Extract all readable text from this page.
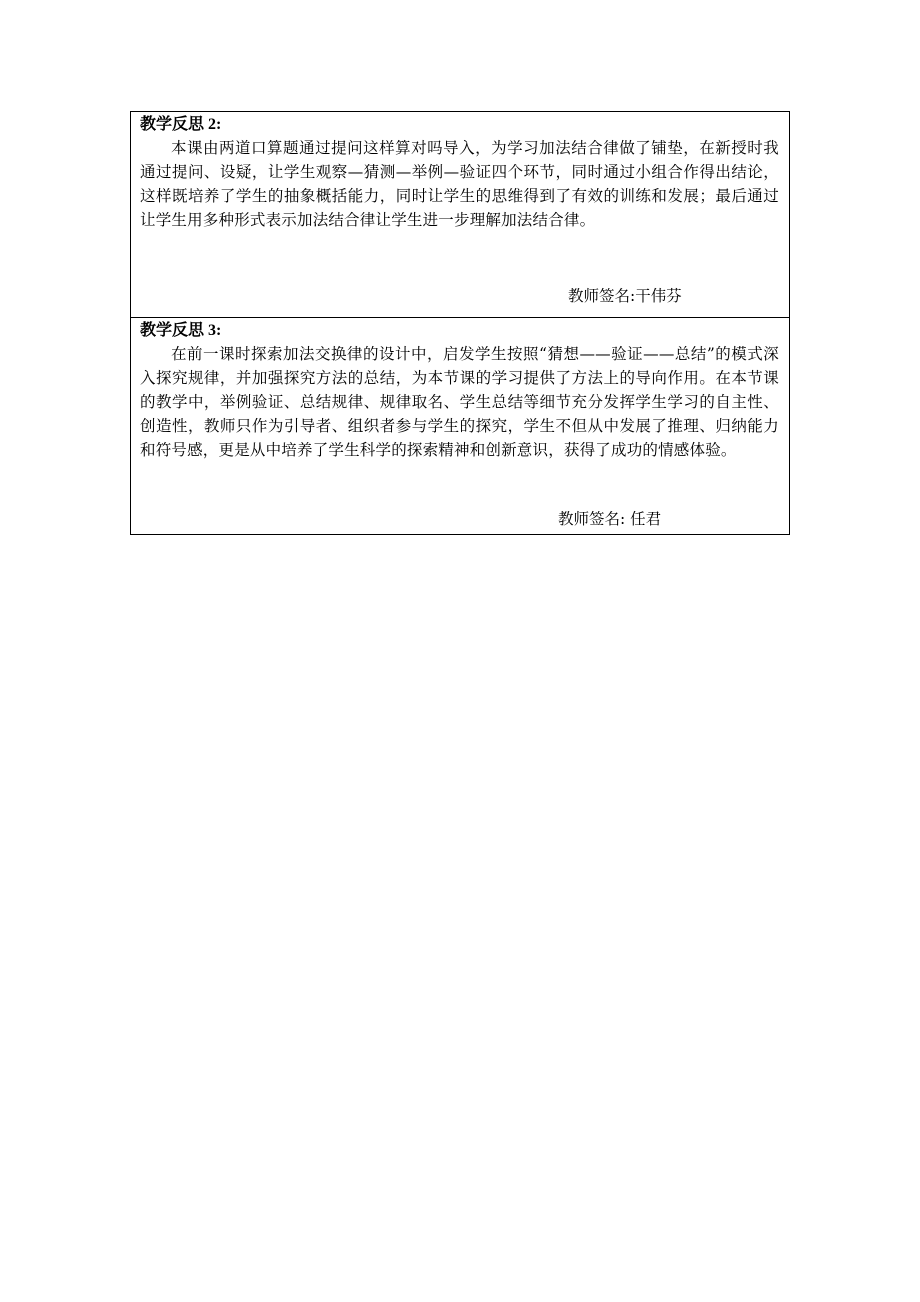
教学反思 2:

本课由两道口算题通过提问这样算对吗导入，为学习加法结合律做了铺垫，在新授时我通过提问、设疑，让学生观察—猜测—举例—验证四个环节，同时通过小组合作得出结论，这样既培养了学生的抽象概括能力，同时让学生的思维得到了有效的训练和发展；最后通过让学生用多种形式表示加法结合律让学生进一步理解加法结合律。

教师签名:干伟芬
教学反思 3:

在前一课时探索加法交换律的设计中，启发学生按照“猜想——验证——总结”的模式深入探究规律，并加强探究方法的总结，为本节课的学习提供了方法上的导向作用。在本节课的教学中，举例验证、总结规律、规律取名、学生总结等细节充分发挥学生学习的自主性、创造性，教师只作为引导者、组织者参与学生的探究，学生不但从中发展了推理、归纳能力和符号感，更是从中培养了学生科学的探索精神和创新意识，获得了成功的情感体验。

教师签名: 任君
